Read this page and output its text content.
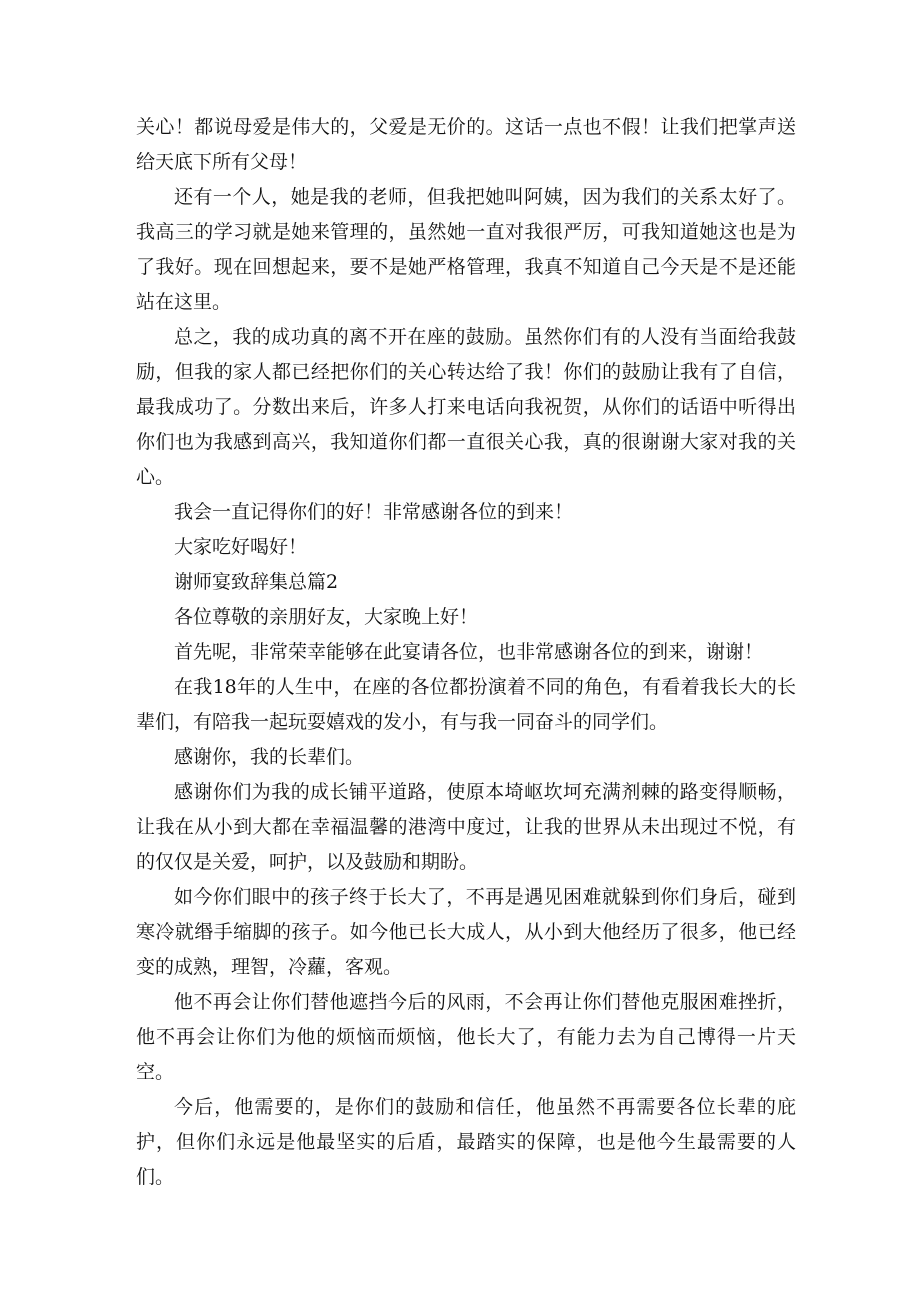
关心！都说母爱是伟大的，父爱是无价的。这话一点也不假！让我们把掌声送给天底下所有父母！

还有一个人，她是我的老师，但我把她叫阿姨，因为我们的关系太好了。我高三的学习就是她来管理的，虽然她一直对我很严厉，可我知道她这也是为了我好。现在回想起来，要不是她严格管理，我真不知道自己今天是不是还能站在这里。

总之，我的成功真的离不开在座的鼓励。虽然你们有的人没有当面给我鼓励，但我的家人都已经把你们的关心转达给了我！你们的鼓励让我有了自信，最我成功了。分数出来后，许多人打来电话向我祝贺，从你们的话语中听得出你们也为我感到高兴，我知道你们都一直很关心我，真的很谢谢大家对我的关心。

我会一直记得你们的好！非常感谢各位的到来！

大家吃好喝好！

谢师宴致辞集总篇2

各位尊敬的亲朋好友，大家晚上好！

首先呢，非常荣幸能够在此宴请各位，也非常感谢各位的到来，谢谢！

在我18年的人生中，在座的各位都扮演着不同的角色，有看着我长大的长辈们，有陪我一起玩耍嬉戏的发小，有与我一同奋斗的同学们。

感谢你，我的长辈们。

感谢你们为我的成长铺平道路，使原本埼岖坎坷充满剂棘的路变得顺畅，让我在从小到大都在幸福温馨的港湾中度过，让我的世界从未出现过不悦，有的仅仅是关爱，呵护，以及鼓励和期盼。

如今你们眼中的孩子终于长大了，不再是遇见困难就躲到你们身后，碰到寒冷就缗手缩脚的孩子。如今他已长大成人，从小到大他经历了很多，他已经变的成熟，理智，冷蘿，客观。

他不再会让你们替他遮挡今后的风雨，不会再让你们替他克服困难挫折，他不再会让你们为他的烦恼而烦恼，他长大了，有能力去为自己博得一片天空。

今后，他需要的，是你们的鼓励和信任，他虽然不再需要各位长辈的庇护，但你们永远是他最坚实的后盾，最踏实的保障，也是他今生最需要的人们。
